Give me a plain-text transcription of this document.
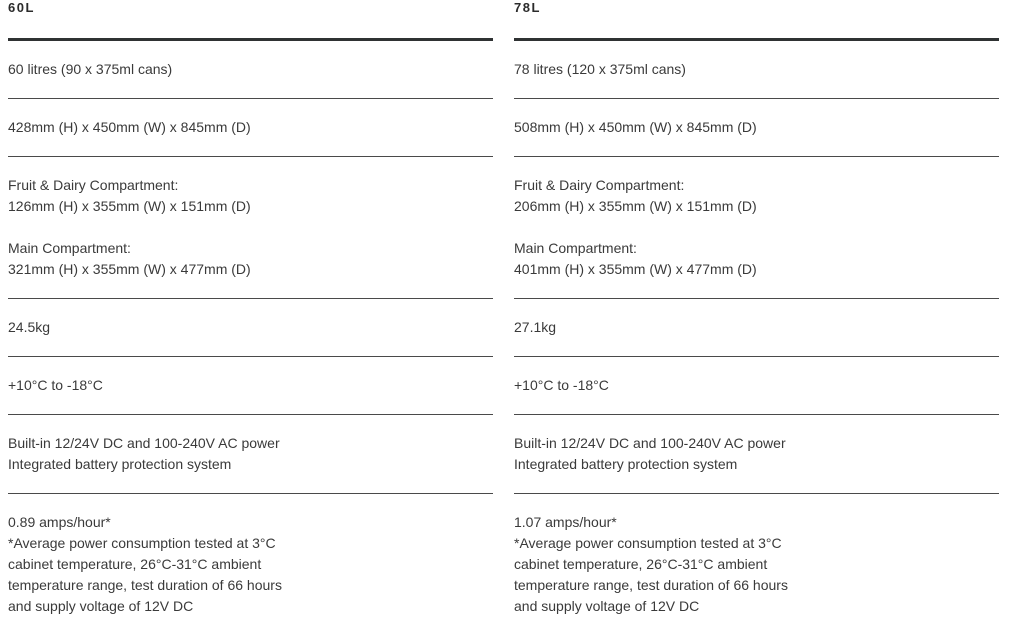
60L
60 litres (90 x 375ml cans)
428mm (H) x 450mm (W) x 845mm (D)
Fruit & Dairy Compartment:
126mm (H) x 355mm (W) x 151mm (D)
Main Compartment:
321mm (H) x 355mm (W) x 477mm (D)
24.5kg
+10°C to -18°C
Built-in 12/24V DC and 100-240V AC power
Integrated battery protection system
0.89 amps/hour*
*Average power consumption tested at 3°C
cabinet temperature, 26°C-31°C ambient
temperature range, test duration of 66 hours
and supply voltage of 12V DC
78L
78 litres (120 x 375ml cans)
508mm (H) x 450mm (W) x 845mm (D)
Fruit & Dairy Compartment:
206mm (H) x 355mm (W) x 151mm (D)
Main Compartment:
401mm (H) x 355mm (W) x 477mm (D)
27.1kg
+10°C to -18°C
Built-in 12/24V DC and 100-240V AC power
Integrated battery protection system
1.07 amps/hour*
*Average power consumption tested at 3°C
cabinet temperature, 26°C-31°C ambient
temperature range, test duration of 66 hours
and supply voltage of 12V DC
